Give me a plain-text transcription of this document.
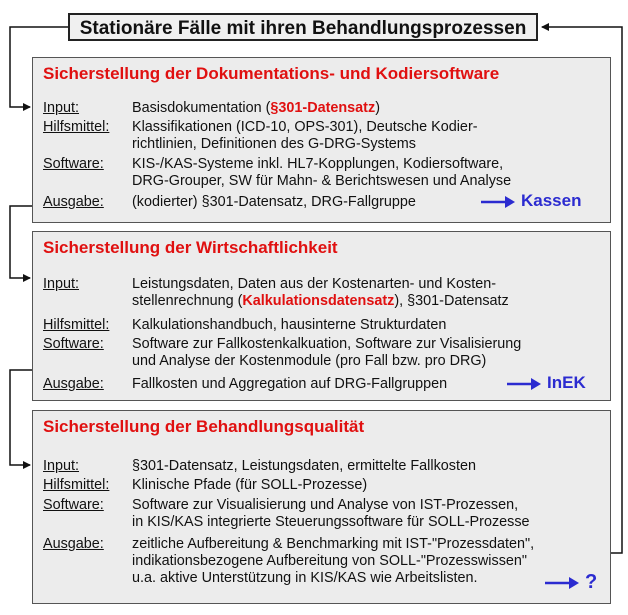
Stationäre Fälle mit ihren Behandlungsprozessen
Sicherstellung der Dokumentations- und Kodiersoftware
Input:	Basisdokumentation (§301-Datensatz)
Hilfsmittel: Klassifikationen (ICD-10, OPS-301), Deutsche Kodier-
richtlinien, Definitionen des G-DRG-Systems
Software: KIS-/KAS-Systeme inkl. HL7-Kopplungen, Kodiersoftware,
DRG-Grouper, SW für Mahn- & Berichtswesen und Analyse
Ausgabe: (kodierter) §301-Datensatz, DRG-Fallgruppe	Kassen
Sicherstellung der Wirtschaftlichkeit
Input:	Leistungsdaten, Daten aus der Kostenarten- und Kosten-
stellenrechnung (Kalkulationsdatensatz), §301-Datensatz
Hilfsmittel: Kalkulationshandbuch, hausinterne Strukturdaten
Software: Software zur Fallkostenkalkuation, Software zur Visalisierung
und Analyse der Kostenmodule (pro Fall bzw. pro DRG)
Ausgabe: Fallkosten und Aggregation auf DRG-Fallgruppen	InEK
Sicherstellung der Behandlungsqualität
Input:	§301-Datensatz, Leistungsdaten, ermittelte Fallkosten
Hilfsmittel: Klinische Pfade (für SOLL-Prozesse)
Software: Software zur Visualisierung und Analyse von IST-Prozessen,
in KIS/KAS integrierte Steuerungssoftware für SOLL-Prozesse
Ausgabe: zeitliche Aufbereitung & Benchmarking mit IST-"Prozessdaten",
indikationsbezogene Aufbereitung von SOLL-"Prozesswissen"
u.a. aktive Unterstützung in KIS/KAS wie Arbeitslisten.	?
